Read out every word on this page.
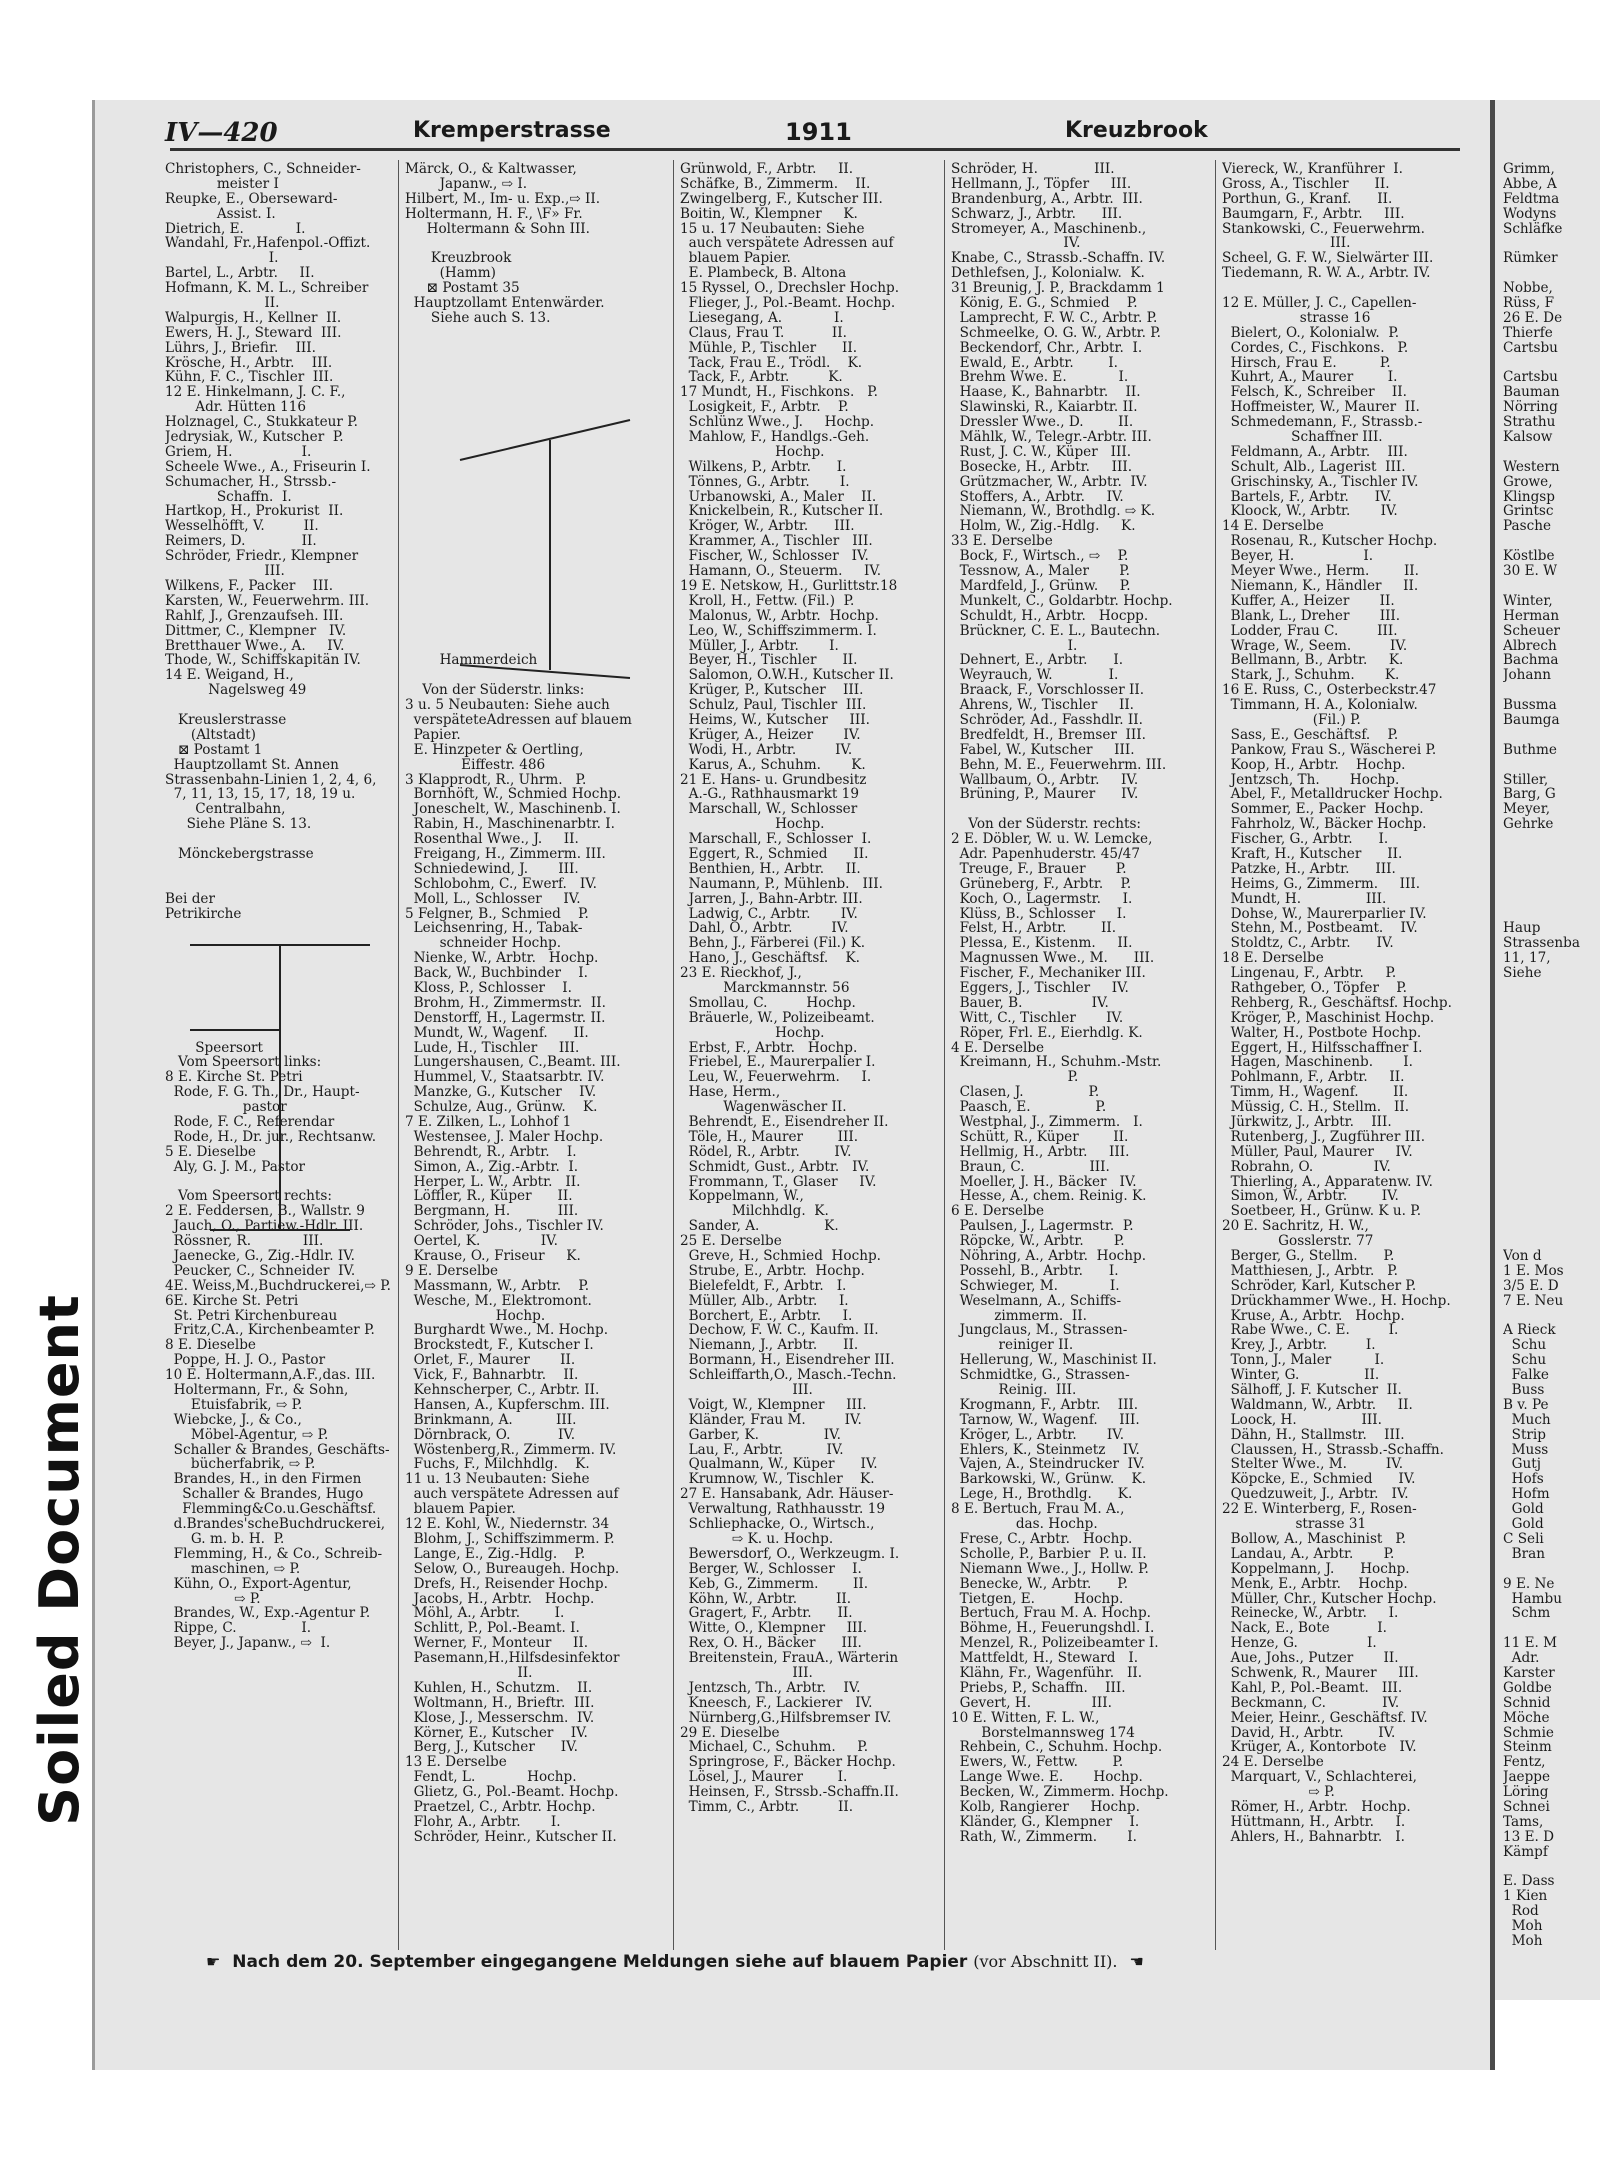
Soiled Document
IV—420	Kremperstrasse	1911	Kreuzbrook
Christophers, C., Schneider-
meister I
Reupke, E., Oberseward-
Assist. I.
Dietrich, E.            I.
Wandahl, Fr.,Hafenpol.-Offizt.
I.
Bartel, L., Arbtr.     II.
Hofmann, K. M. L., Schreiber
II.
Walpurgis, H., Kellner  II.
Ewers, H. J., Steward  III.
Lührs, J., Briefir.    III.
Krösche, H., Arbtr.    III.
Kühn, F. C., Tischler  III.
12 E. Hinkelmann, J. C. F.,
Adr. Hütten 116
Holznagel, C., Stukkateur P.
Jedrysiak, W., Kutscher  P.
Griem, H.                I.
Scheele Wwe., A., Friseurin I.
Schumacher, H., Strssb.-
Schaffn.  I.
Hartkop, H., Prokurist  II.
Wesselhöfft, V.         II.
Reimers, D.             II.
Schröder, Friedr., Klempner
III.
Wilkens, F., Packer    III.
Karsten, W., Feuerwehrm. III.
Rahlf, J., Grenzaufseh. III.
Dittmer, C., Klempner   IV.
Bretthauer Wwe., A.     IV.
Thode, W., Schiffskapitän IV.
14 E. Weigand, H.,
Nagelsweg 49
Kreuslerstrasse
(Altstadt)
⊠ Postamt 1
Hauptzollamt St. Annen
Strassenbahn-Linien 1, 2, 4, 6,
7, 11, 13, 15, 17, 18, 19 u.
Centralbahn,
Siehe Pläne S. 13.
Mönckebergstrasse
Bei der
Petrikirche
Speersort
Vom Speersort links:
8 E. Kirche St. Petri
Rode, F. G. Th., Dr., Haupt-
pastor
Rode, F. C., Referendar
Rode, H., Dr. jur., Rechtsanw.
5 E. Dieselbe
Aly, G. J. M., Pastor
Vom Speersort rechts:
2 E. Feddersen, B., Wallstr. 9
Jauch, O., Partiew.-Hdlr. III.
Rössner, R.            III.
Jaenecke, G., Zig.-Hdlr. IV.
Peucker, C., Schneider  IV.
4E. Weiss,M.,Buchdruckerei,⇨ P.
6E. Kirche St. Petri
St. Petri Kirchenbureau
Fritz,C.A., Kirchenbeamter P.
8 E. Dieselbe
Poppe, H. J. O., Pastor
10 E. Holtermann,A.F.,das. III.
Holtermann, Fr., & Sohn,
Etuisfabrik, ⇨ P.
Wiebcke, J., & Co.,
Möbel-Agentur, ⇨ P.
Schaller & Brandes, Geschäfts-
bücherfabrik, ⇨ P.
Brandes, H., in den Firmen
Schaller & Brandes, Hugo
Flemming&Co.u.Geschäftsf.
d.Brandes'scheBuchdruckerei,
G. m. b. H.  P.
Flemming, H., & Co., Schreib-
maschinen, ⇨ P.
Kühn, O., Export-Agentur,
⇨ P.
Brandes, W., Exp.-Agentur P.
Rippe, C.               I.
Beyer, J., Japanw., ⇨  I.
Märck, O., & Kaltwasser,
Japanw., ⇨ I.
Hilbert, M., Im- u. Exp.,⇨ II.
Holtermann, H. F., \F» Fr.
Holtermann & Sohn III.
Kreuzbrook
(Hamm)
⊠ Postamt 35
Hauptzollamt Entenwärder.
Siehe auch S. 13.
Hammerdeich
Von der Süderstr. links:
3 u. 5 Neubauten: Siehe auch
verspäteteAdressen auf blauem
Papier.
E. Hinzpeter & Oertling,
Eiffestr. 486
3 Klapprodt, R., Uhrm.   P.
Bornhöft, W., Schmied Hochp.
Joneschelt, W., Maschinenb. I.
Rabin, H., Maschinenarbtr. I.
Rosenthal Wwe., J.     II.
Freigang, H., Zimmerm. III.
Schniedewind, J.       III.
Schlobohm, C., Ewerf.   IV.
Moll, L., Schlosser     IV.
5 Felgner, B., Schmied    P.
Leichsenring, H., Tabak-
schneider Hochp.
Nienke, W., Arbtr.   Hochp.
Back, W., Buchbinder    I.
Kloss, P., Schlosser    I.
Brohm, H., Zimmermstr.  II.
Denstorff, H., Lagermstr. II.
Mundt, W., Wagenf.      II.
Lude, H., Tischler     III.
Lungershausen, C.,Beamt. III.
Hummel, V., Staatsarbtr. IV.
Manzke, G., Kutscher    IV.
Schulze, Aug., Grünw.    K.
7 E. Zilken, L., Lohhof 1
Westensee, J. Maler Hochp.
Behrendt, R., Arbtr.    I.
Simon, A., Zig.-Arbtr.  I.
Herper, L. W., Arbtr.   II.
Löffler, R., Küper      II.
Bergmann, H.           III.
Schröder, Johs., Tischler IV.
Oertel, K.              IV.
Krause, O., Friseur     K.
9 E. Derselbe
Massmann, W., Arbtr.    P.
Wesche, M., Elektromont.
Hochp.
Burghardt Wwe., M. Hochp.
Brockstedt, F., Kutscher I.
Orlet, F., Maurer       II.
Vick, F., Bahnarbtr.    II.
Kehnscherper, C., Arbtr. II.
Hansen, A., Kupferschm. III.
Brinkmann, A.          III.
Dörnbrack, O.           IV.
Wöstenberg,R., Zimmerm. IV.
Fuchs, F., Milchhdlg.    K.
11 u. 13 Neubauten: Siehe
auch verspätete Adressen auf
blauem Papier.
12 E. Kohl, W., Niedernstr. 34
Blohm, J., Schiffszimmerm. P.
Lange, E., Zig.-Hdlg.    P.
Selow, O., Bureaugeh. Hochp.
Drefs, H., Reisender Hochp.
Jacobs, H., Arbtr.   Hochp.
Möhl, A., Arbtr.        I.
Schlitt, P., Pol.-Beamt. I.
Werner, F., Monteur     II.
Pasemann,H.,Hilfsdesinfektor
II.
Kuhlen, H., Schutzm.    II.
Woltmann, H., Brieftr.  III.
Klose, J., Messerschm.  IV.
Körner, E., Kutscher    IV.
Berg, J., Kutscher      IV.
13 E. Derselbe
Fendt, L.            Hochp.
Glietz, G., Pol.-Beamt. Hochp.
Praetzel, C., Arbtr. Hochp.
Flohr, A., Arbtr.       I.
Schröder, Heinr., Kutscher II.
Grünwold, F., Arbtr.     II.
Schäfke, B., Zimmerm.    II.
Zwingelberg, F., Kutscher III.
Boitin, W., Klempner     K.
15 u. 17 Neubauten: Siehe
auch verspätete Adressen auf
blauem Papier.
E. Plambeck, B. Altona
15 Ryssel, O., Drechsler Hochp.
Flieger, J., Pol.-Beamt. Hochp.
Liesegang, A.            I.
Claus, Frau T.           II.
Mühle, P., Tischler      II.
Tack, Frau E., Trödl.    K.
Tack, F., Arbtr.         K.
17 Mundt, H., Fischkons.   P.
Losigkeit, F., Arbtr.    P.
Schlünz Wwe., J.     Hochp.
Mahlow, F., Handlgs.-Geh.
Hochp.
Wilkens, P., Arbtr.      I.
Tönnes, G., Arbtr.       I.
Urbanowski, A., Maler    II.
Knickelbein, R., Kutscher II.
Kröger, W., Arbtr.      III.
Krammer, A., Tischler   III.
Fischer, W., Schlosser   IV.
Hamann, O., Steuerm.     IV.
19 E. Netskow, H., Gurlittstr.18
Kroll, H., Fettw. (Fil.)  P.
Malonus, W., Arbtr.  Hochp.
Leo, W., Schiffszimmerm. I.
Müller, J., Arbtr.       I.
Beyer, H., Tischler      II.
Salomon, O.W.H., Kutscher II.
Krüger, P., Kutscher    III.
Schulz, Paul, Tischler  III.
Heims, W., Kutscher     III.
Krüger, A., Heizer       IV.
Wodi, H., Arbtr.         IV.
Karus, A., Schuhm.       K.
21 E. Hans- u. Grundbesitz
A.-G., Rathhausmarkt 19
Marschall, W., Schlosser
Hochp.
Marschall, F., Schlosser  I.
Eggert, R., Schmied      II.
Benthien, H., Arbtr.     II.
Naumann, P., Mühlenb.   III.
Jarren, J., Bahn-Arbtr. III.
Ladwig, C., Arbtr.       IV.
Dahl, O., Arbtr.         IV.
Behn, J., Färberei (Fil.) K.
Hano, J., Geschäftsf.    K.
23 E. Rieckhof, J.,
Marckmannstr. 56
Smollau, C.         Hochp.
Bräuerle, W., Polizeibeamt.
Hochp.
Erbst, F., Arbtr.   Hochp.
Friebel, E., Maurerpalier I.
Leu, W., Feuerwehrm.     I.
Hase, Herm.,
Wagenwäscher II.
Behrendt, E., Eisendreher II.
Töle, H., Maurer        III.
Rödel, R., Arbtr.        IV.
Schmidt, Gust., Arbtr.   IV.
Frommann, T., Glaser     IV.
Koppelmann, W.,
Milchhdlg.  K.
Sander, A.               K.
25 E. Derselbe
Greve, H., Schmied  Hochp.
Strube, E., Arbtr.  Hochp.
Bielefeldt, F., Arbtr.   I.
Müller, Alb., Arbtr.     I.
Borchert, E., Arbtr.     I.
Dechow, F. W. C., Kaufm. II.
Niemann, J., Arbtr.      II.
Bormann, H., Eisendreher III.
Schleiffarth,O., Masch.-Techn.
III.
Voigt, W., Klempner     III.
Kländer, Frau M.         IV.
Garber, K.               IV.
Lau, F., Arbtr.          IV.
Qualmann, W., Küper      IV.
Krumnow, W., Tischler    K.
27 E. Hansabank, Adr. Häuser-
Verwaltung, Rathhausstr. 19
Schliephacke, O., Wirtsch.,
⇨ K. u. Hochp.
Bewersdorf, O., Werkzeugm. I.
Berger, W., Schlosser    I.
Keb, G., Zimmerm.        II.
Köhn, W., Arbtr.         II.
Gragert, F., Arbtr.      II.
Witte, O., Klempner     III.
Rex, O. H., Bäcker      III.
Breitenstein, FrauA., Wärterin
III.
Jentzsch, Th., Arbtr.    IV.
Kneesch, F., Lackierer   IV.
Nürnberg,G.,Hilfsbremser IV.
29 E. Dieselbe
Michael, C., Schuhm.     P.
Springrose, F., Bäcker Hochp.
Lösel, J., Maurer        I.
Heinsen, F., Strssb.-Schaffn.II.
Timm, C., Arbtr.         II.
Schröder, H.             III.
Hellmann, J., Töpfer     III.
Brandenburg, A., Arbtr.  III.
Schwarz, J., Arbtr.      III.
Stromeyer, A., Maschinenb.,
IV.
Knabe, C., Strassb.-Schaffn. IV.
Dethlefsen, J., Kolonialw.  K.
31 Breunig, J. P., Brackdamm 1
König, E. G., Schmied    P.
Lamprecht, F. W. C., Arbtr. P.
Schmeelke, O. G. W., Arbtr. P.
Beckendorf, Chr., Arbtr.  I.
Ewald, E., Arbtr.        I.
Brehm Wwe. E.            I.
Haase, K., Bahnarbtr.    II.
Slawinski, R., Kaiarbtr. II.
Dressler Wwe., D.        II.
Mählk, W., Telegr.-Arbtr. III.
Rust, J. C. W., Küper   III.
Bosecke, H., Arbtr.     III.
Grützmacher, W., Arbtr.  IV.
Stoffers, A., Arbtr.     IV.
Niemann, W., Brothdlg. ⇨ K.
Holm, W., Zig.-Hdlg.     K.
33 E. Derselbe
Bock, F., Wirtsch., ⇨    P.
Tessnow, A., Maler       P.
Mardfeld, J., Grünw.     P.
Munkelt, C., Goldarbtr. Hochp.
Schuldt, H., Arbtr.   Hocpp.
Brückner, C. E. L., Bautechn.
I.
Dehnert, E., Arbtr.      I.
Weyrauch, W.             I.
Braack, F., Vorschlosser II.
Ahrens, W., Tischler     II.
Schröder, Ad., Fasshdlr. II.
Bredfeldt, H., Bremser  III.
Fabel, W., Kutscher     III.
Behn, M. E., Feuerwehrm. III.
Wallbaum, O., Arbtr.     IV.
Brüning, P., Maurer      IV.
Von der Süderstr. rechts:
2 E. Döbler, W. u. W. Lemcke,
Adr. Papenhuderstr. 45/47
Treuge, F., Brauer       P.
Grüneberg, F., Arbtr.    P.
Koch, O., Lagermstr.     I.
Klüss, B., Schlosser     I.
Felst, H., Arbtr.        II.
Plessa, E., Kistenm.     II.
Magnussen Wwe., M.      III.
Fischer, F., Mechaniker III.
Eggers, J., Tischler     IV.
Bauer, B.                IV.
Witt, C., Tischler       IV.
Röper, Frl. E., Eierhdlg. K.
4 E. Derselbe
Kreimann, H., Schuhm.-Mstr.
P.
Clasen, J.               P.
Paasch, E.               P.
Westphal, J., Zimmerm.   I.
Schütt, R., Küper        II.
Hellmig, H., Arbtr.     III.
Braun, C.               III.
Moeller, J. H., Bäcker   IV.
Hesse, A., chem. Reinig. K.
6 E. Derselbe
Paulsen, J., Lagermstr.  P.
Röpcke, W., Arbtr.       P.
Nöhring, A., Arbtr.  Hochp.
Possehl, B., Arbtr.      I.
Schwieger, M.            I.
Weselmann, A., Schiffs-
zimmerm.  II.
Jungclaus, M., Strassen-
reiniger II.
Hellerung, W., Maschinist II.
Schmidtke, G., Strassen-
Reinig.  III.
Krogmann, F., Arbtr.    III.
Tarnow, W., Wagenf.     III.
Kröger, L., Arbtr.       IV.
Ehlers, K., Steinmetz    IV.
Vajen, A., Steindrucker  IV.
Barkowski, W., Grünw.    K.
Lege, H., Brothdlg.      K.
8 E. Bertuch, Frau M. A.,
das. Hochp.
Frese, C., Arbtr.   Hochp.
Scholle, P., Barbier  P. u. II.
Niemann Wwe., J., Hollw. P.
Benecke, W., Arbtr.      P.
Tietgen, E.         Hochp.
Bertuch, Frau M. A. Hochp.
Böhme, H., Feuerungshdl. I.
Menzel, R., Polizeibeamter I.
Mattfeldt, H., Steward   I.
Klähn, Fr., Wagenführ.   II.
Priebs, P., Schaffn.    III.
Gevert, H.              III.
10 E. Witten, F. L. W.,
Borstelmannsweg 174
Rehbein, C., Schuhm. Hochp.
Ewers, W., Fettw.        P.
Lange Wwe. E.       Hochp.
Becken, W., Zimmerm. Hochp.
Kolb, Rangierer     Hochp.
Kländer, G., Klempner    I.
Rath, W., Zimmerm.       I.
Viereck, W., Kranführer  I.
Gross, A., Tischler      II.
Porthun, G., Kranf.      II.
Baumgarn, F., Arbtr.     III.
Stankowski, C., Feuerwehrm.
III.
Scheel, G. F. W., Sielwärter III.
Tiedemann, R. W. A., Arbtr. IV.
12 E. Müller, J. C., Capellen-
strasse 16
Bielert, O., Kolonialw.  P.
Cordes, C., Fischkons.   P.
Hirsch, Frau E.          P.
Kuhrt, A., Maurer        I.
Felsch, K., Schreiber    II.
Hoffmeister, W., Maurer  II.
Schmedemann, F., Strassb.-
Schaffner III.
Feldmann, A., Arbtr.    III.
Schult, Alb., Lagerist  III.
Grischinsky, A., Tischler IV.
Bartels, F., Arbtr.      IV.
Kloock, W., Arbtr.       IV.
14 E. Derselbe
Rosenau, R., Kutscher Hochp.
Beyer, H.                I.
Meyer Wwe., Herm.        II.
Niemann, K., Händler     II.
Kuffer, A., Heizer       II.
Blank, L., Dreher       III.
Lodder, Frau C.         III.
Wrage, W., Seem.         IV.
Bellmann, B., Arbtr.     K.
Stark, J., Schuhm.       K.
16 E. Russ, C., Osterbeckstr.47
Timmann, H. A., Kolonialw.
(Fil.) P.
Sass, E., Geschäftsf.    P.
Pankow, Frau S., Wäscherei P.
Koop, H., Arbtr.    Hochp.
Jentzsch, Th.       Hochp.
Abel, F., Metalldrucker Hochp.
Sommer, E., Packer  Hochp.
Fahrholz, W., Bäcker Hochp.
Fischer, G., Arbtr.      I.
Kraft, H., Kutscher      II.
Patzke, H., Arbtr.      III.
Heims, G., Zimmerm.     III.
Mundt, H.               III.
Dohse, W., Maurerparlier IV.
Stehn, M., Postbeamt.    IV.
Stoldtz, C., Arbtr.      IV.
18 E. Derselbe
Lingenau, F., Arbtr.     P.
Rathgeber, O., Töpfer    P.
Rehberg, R., Geschäftsf. Hochp.
Kröger, P., Maschinist Hochp.
Walter, H., Postbote Hochp.
Eggert, H., Hilfsschaffner I.
Hagen, Maschinenb.       I.
Pohlmann, F., Arbtr.     II.
Timm, H., Wagenf.        II.
Müssig, C. H., Stellm.   II.
Jürkwitz, J., Arbtr.    III.
Rutenberg, J., Zugführer III.
Müller, Paul, Maurer     IV.
Robrahn, O.              IV.
Thierling, A., Apparatenw. IV.
Simon, W., Arbtr.        IV.
Soetbeer, H., Grünw. K u. P.
20 E. Sachritz, H. W.,
Gosslerstr. 77
Berger, G., Stellm.      P.
Matthiesen, J., Arbtr.   P.
Schröder, Karl, Kutscher P.
Drückhammer Wwe., H. Hochp.
Kruse, A., Arbtr.   Hochp.
Rabe Wwe., C. E.         I.
Krey, J., Arbtr.         I.
Tonn, J., Maler          I.
Winter, G.               II.
Sälhoff, J. F. Kutscher  II.
Waldmann, W., Arbtr.     II.
Loock, H.               III.
Dähn, H., Stallmstr.    III.
Claussen, H., Strassb.-Schaffn.
Stelter Wwe., M.         IV.
Köpcke, E., Schmied      IV.
Quedzuweit, J., Arbtr.   IV.
22 E. Winterberg, F., Rosen-
strasse 31
Bollow, A., Maschinist   P.
Landau, A., Arbtr.       P.
Koppelmann, J.      Hochp.
Menk, E., Arbtr.    Hochp.
Müller, Chr., Kutscher Hochp.
Reinecke, W., Arbtr.     I.
Nack, E., Bote           I.
Henze, G.                I.
Aue, Johs., Putzer       II.
Schwenk, R., Maurer     III.
Kahl, P., Pol.-Beamt.   III.
Beckmann, C.             IV.
Meier, Heinr., Geschäftsf. IV.
David, H., Arbtr.        IV.
Krüger, A., Kontorbote   IV.
24 E. Derselbe
Marquart, V., Schlachterei,
⇨ P.
Römer, H., Arbtr.   Hochp.
Hüttmann, H., Arbtr.     I.
Ahlers, H., Bahnarbtr.   I.
Grimm,
Abbe, A
Feldtma
Wodyns
Schläfke
Rümker
Nobbe,
Rüss, F
26 E. De
Thierfe
Cartsbu
Cartsbu
Bauman
Nörring
Strathu
Kalsow
Western
Growe,
Klingsp
Grintsc
Pasche
Köstlbe
30 E. W
Winter,
Herman
Scheuer
Albrech
Bachma
Johann
Bussma
Baumga
Buthme
Stiller,
Barg, G
Meyer,
Gehrke
Haup
Strassenba
11, 17,
Siehe
Von d
1 E. Mos
3/5 E. D
7 E. Neu
A Rieck
Schu
Schu
Falke
Buss
B v. Pe
Much
Strip
Muss
Gutj
Hofs
Hofm
Gold
Gold
C Seli
Bran
9 E. Ne
Hambu
Schm
11 E. M
Adr.
Karster
Goldbe
Schnid
Möche
Schmie
Steinm
Fentz,
Jaeppe
Löring
Schnei
Tams,
13 E. D
Kämpf
E. Dass
1 Kien
Rod
Moh
Moh
☛ Nach dem 20. September eingegangene Meldungen siehe auf blauem Papier (vor Abschnitt II). ☚
